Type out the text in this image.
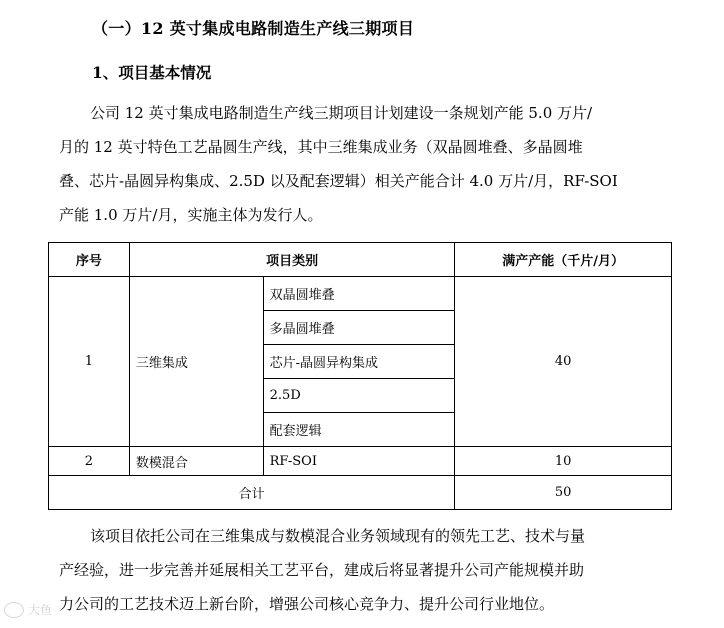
（一）12 英寸集成电路制造生产线三期项目
1、项目基本情况
公司 12 英寸集成电路制造生产线三期项目计划建设一条规划产能 5.0 万片/
月的 12 英寸特色工艺晶圆生产线，其中三维集成业务（双晶圆堆叠、多晶圆堆
叠、芯片-晶圆异构集成、2.5D 以及配套逻辑）相关产能合计 4.0 万片/月，RF-SOI
产能 1.0 万片/月，实施主体为发行人。
序号	项目类别		满产产能（千片/月）
1	三维集成	双晶圆堆叠	40
		多晶圆堆叠	
		芯片-晶圆异构集成	
		2.5D	
		配套逻辑	
2	数模混合	RF-SOI	10
合计			50
该项目依托公司在三维集成与数模混合业务领域现有的领先工艺、技术与量
产经验，进一步完善并延展相关工艺平台，建成后将显著提升公司产能规模并助
力公司的工艺技术迈上新台阶，增强公司核心竞争力、提升公司行业地位。
大鱼
